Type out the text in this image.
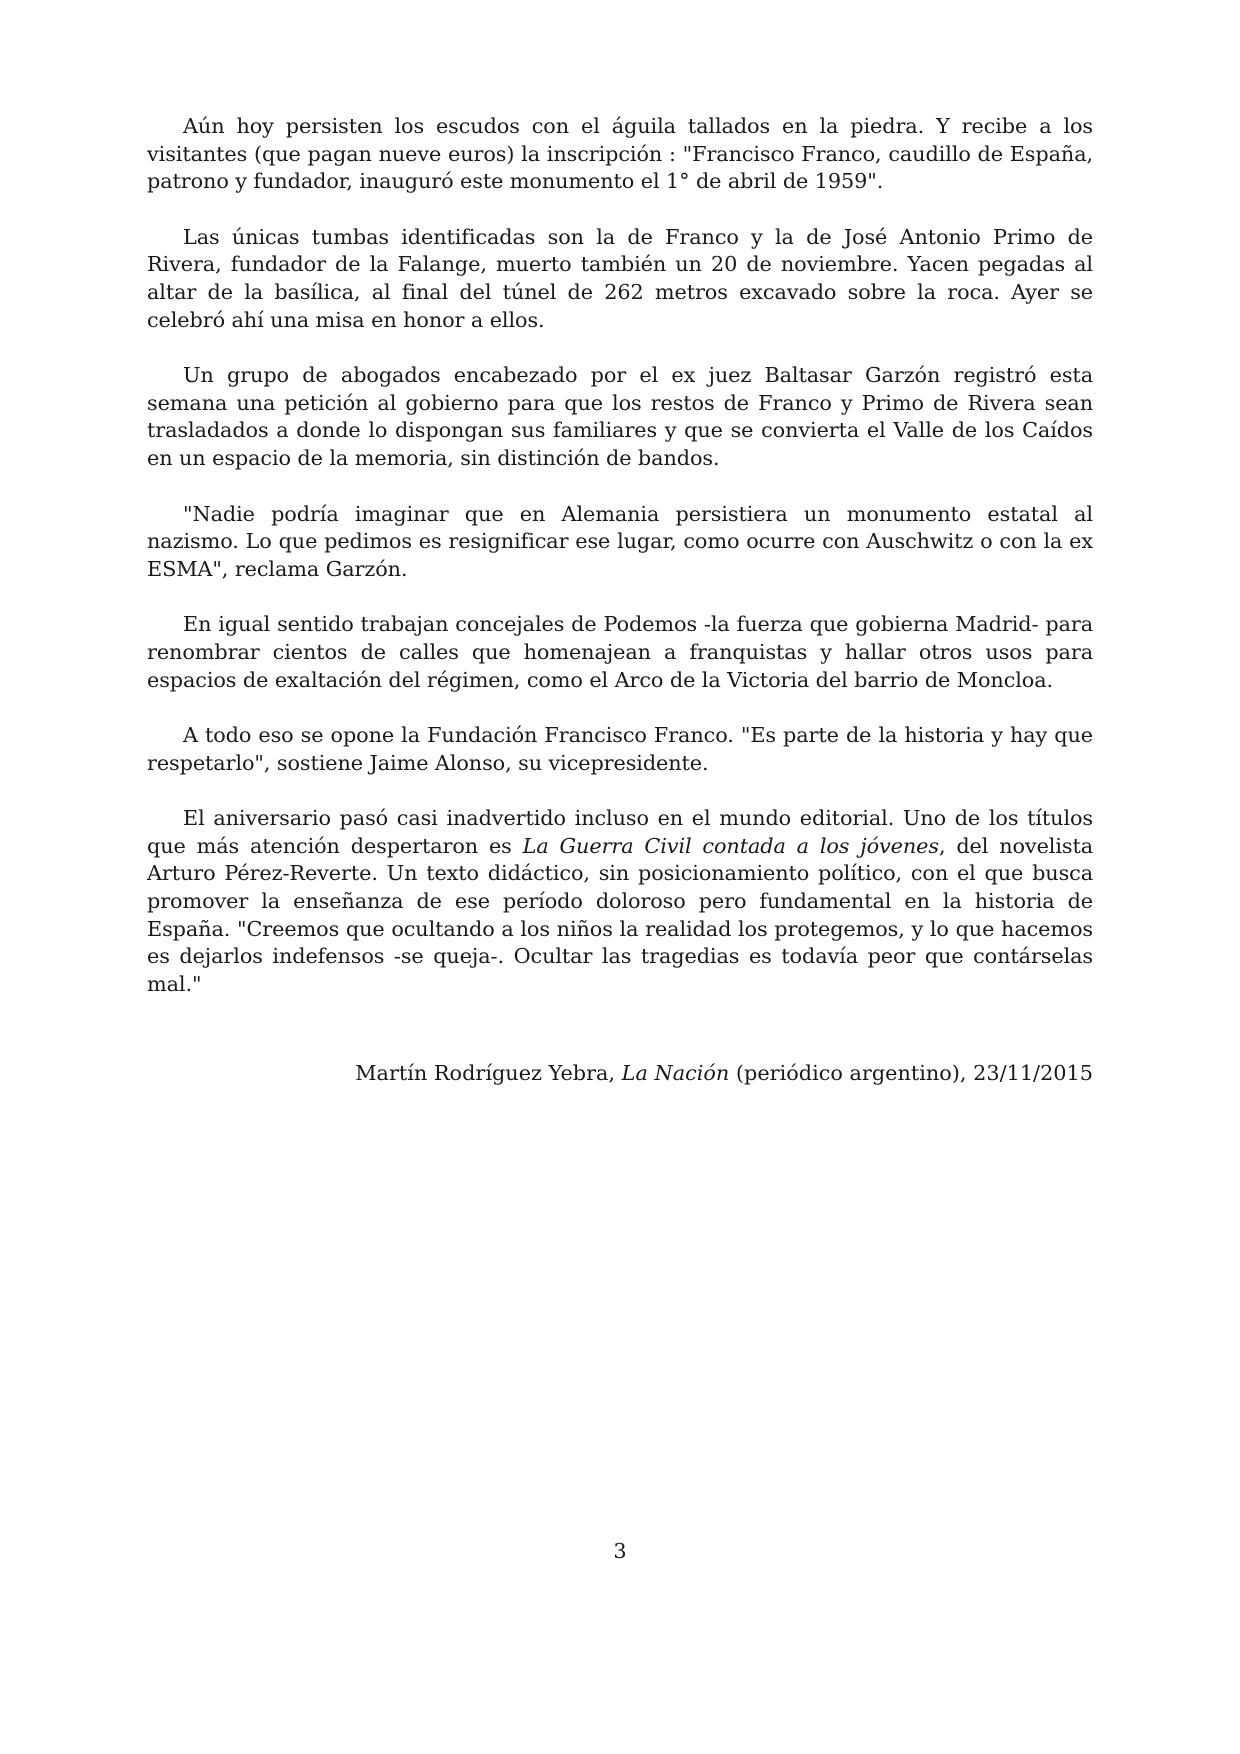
Aún hoy persisten los escudos con el águila tallados en la piedra. Y recibe a los visitantes (que pagan nueve euros) la inscripción : "Francisco Franco, caudillo de España, patrono y fundador, inauguró este monumento el 1° de abril de 1959".

Las únicas tumbas identificadas son la de Franco y la de José Antonio Primo de Rivera, fundador de la Falange, muerto también un 20 de noviembre. Yacen pegadas al altar de la basílica, al final del túnel de 262 metros excavado sobre la roca. Ayer se celebró ahí una misa en honor a ellos.

Un grupo de abogados encabezado por el ex juez Baltasar Garzón registró esta semana una petición al gobierno para que los restos de Franco y Primo de Rivera sean trasladados a donde lo dispongan sus familiares y que se convierta el Valle de los Caídos en un espacio de la memoria, sin distinción de bandos.

"Nadie podría imaginar que en Alemania persistiera un monumento estatal al nazismo. Lo que pedimos es resignificar ese lugar, como ocurre con Auschwitz o con la ex ESMA", reclama Garzón.

En igual sentido trabajan concejales de Podemos -la fuerza que gobierna Madrid- para renombrar cientos de calles que homenajean a franquistas y hallar otros usos para espacios de exaltación del régimen, como el Arco de la Victoria del barrio de Moncloa.

A todo eso se opone la Fundación Francisco Franco. "Es parte de la historia y hay que respetarlo", sostiene Jaime Alonso, su vicepresidente.

El aniversario pasó casi inadvertido incluso en el mundo editorial. Uno de los títulos que más atención despertaron es La Guerra Civil contada a los jóvenes, del novelista Arturo Pérez-Reverte. Un texto didáctico, sin posicionamiento político, con el que busca promover la enseñanza de ese período doloroso pero fundamental en la historia de España. "Creemos que ocultando a los niños la realidad los protegemos, y lo que hacemos es dejarlos indefensos -se queja-. Ocultar las tragedias es todavía peor que contárselas mal."

Martín Rodríguez Yebra, La Nación (periódico argentino), 23/11/2015
3
